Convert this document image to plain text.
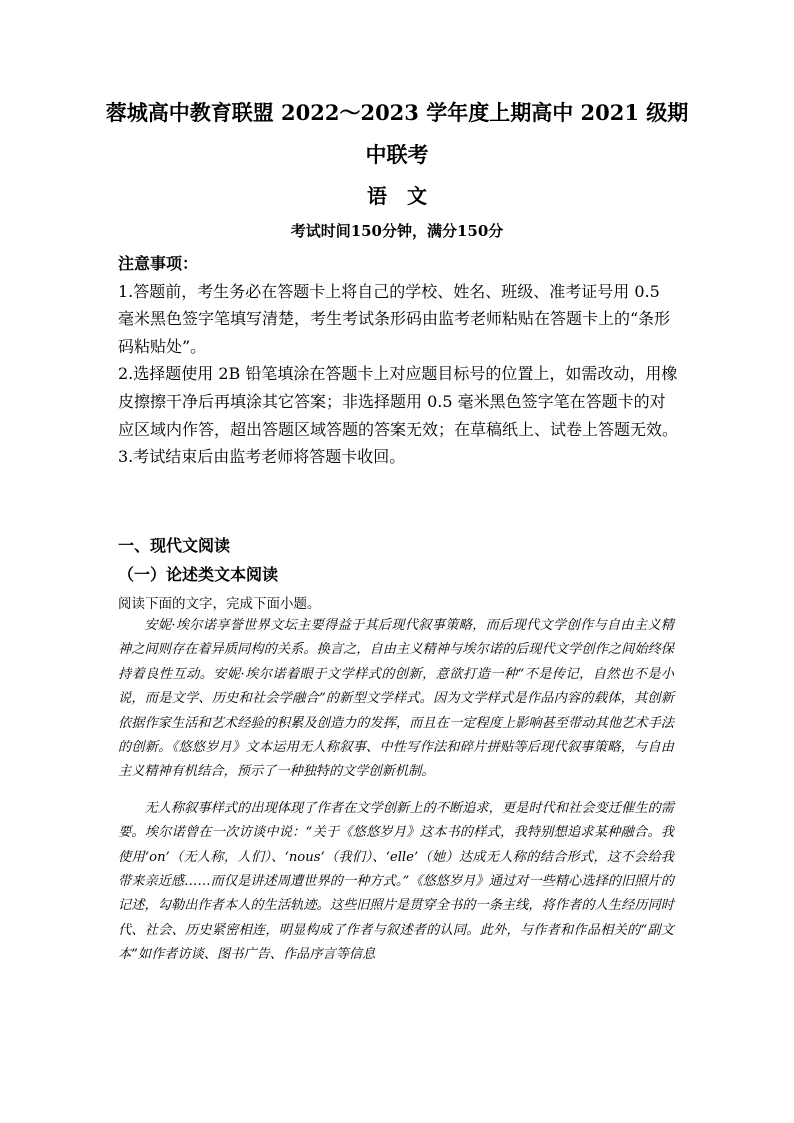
蓉城高中教育联盟 2022～2023 学年度上期高中 2021 级期中联考
语文
考试时间150分钟，满分150分

注意事项：

1.答题前，考生务必在答题卡上将自己的学校、姓名、班级、准考证号用 0.5 毫米黑色签字笔填写清楚，考生考试条形码由监考老师粘贴在答题卡上的“条形码粘贴处”。

2.选择题使用 2B 铅笔填涂在答题卡上对应题目标号的位置上，如需改动，用橡皮擦擦干净后再填涂其它答案；非选择题用 0.5 毫米黑色签字笔在答题卡的对应区域内作答，超出答题区域答题的答案无效；在草稿纸上、试卷上答题无效。

3.考试结束后由监考老师将答题卡收回。

一、现代文阅读
（一）论述类文本阅读
阅读下面的文字，完成下面小题。

安妮·埃尔诺享誉世界文坛主要得益于其后现代叙事策略，而后现代文学创作与自由主义精神之间则存在着异质同构的关系。换言之，自由主义精神与埃尔诺的后现代文学创作之间始终保持着良性互动。安妮·埃尔诺着眼于文学样式的创新，意欲打造一种“不是传记，自然也不是小说，而是文学、历史和社会学融合”的新型文学样式。因为文学样式是作品内容的载体，其创新依据作家生活和艺术经验的积累及创造力的发挥，而且在一定程度上影响甚至带动其他艺术手法的创新。《悠悠岁月》文本运用无人称叙事、中性写作法和碎片拼贴等后现代叙事策略，与自由主义精神有机结合，预示了一种独特的文学创新机制。

无人称叙事样式的出现体现了作者在文学创新上的不断追求，更是时代和社会变迁催生的需要。埃尔诺曾在一次访谈中说：“关于《悠悠岁月》这本书的样式，我特别想追求某种融合。我使用‘on’（无人称，人们）、‘nous’（我们）、‘elle’（她）达成无人称的结合形式，这不会给我带来亲近感……而仅是讲述周遭世界的一种方式。”《悠悠岁月》通过对一些精心选择的旧照片的记述，勾勒出作者本人的生活轨迹。这些旧照片是贯穿全书的一条主线，将作者的人生经历同时代、社会、历史紧密相连，明显构成了作者与叙述者的认同。此外，与作者和作品相关的“副文本”如作者访谈、图书广告、作品序言等信息
